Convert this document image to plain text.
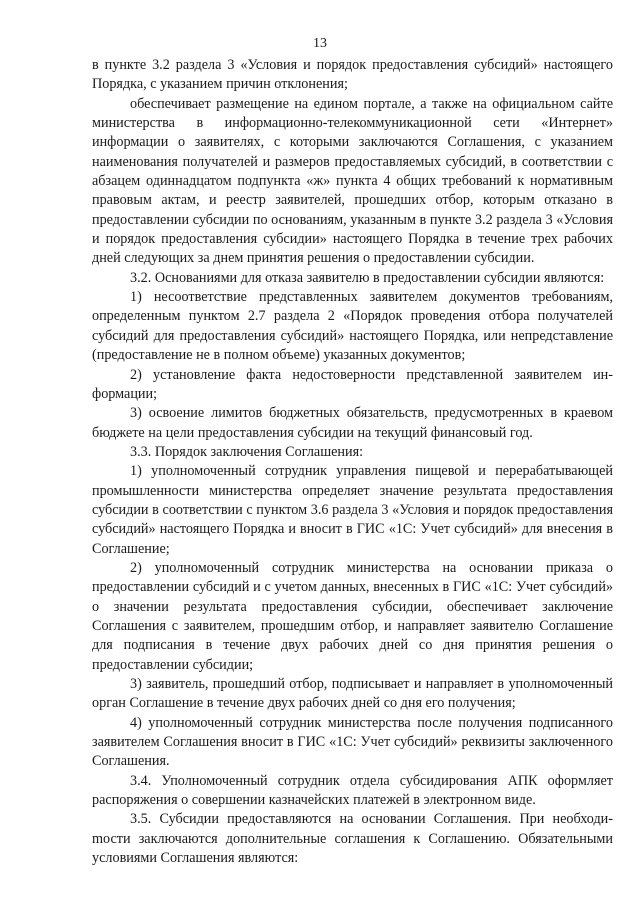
13

в пункте 3.2 раздела 3 «Условия и порядок предоставления субсидий» настоящего Порядка, с указанием причин отклонения;

обеспечивает размещение на едином портале, а также на официальном сайте министерства в информационно-телекоммуникационной сети «Интернет» информации о заявителях, с которыми заключаются Соглашения, с указанием наименования получателей и размеров предоставляемых субсидий, в соответствии с абзацем одиннадцатом подпункта «ж» пункта 4 общих требований к нормативным правовым актам, и реестр заявителей, прошедших отбор, которым отказано в предоставлении субсидии по основаниям, указанным в пункте 3.2 раздела 3 «Условия и порядок предоставления субсидии» настоящего Порядка в течение трех рабочих дней следующих за днем принятия решения о предоставлении субсидии.

3.2. Основаниями для отказа заявителю в предоставлении субсидии являются:

1) несоответствие представленных заявителем документов требованиям, определенным пунктом 2.7 раздела 2 «Порядок проведения отбора получателей субсидий для предоставления субсидий» настоящего Порядка, или непредставление (предоставление не в полном объеме) указанных документов;

2) установление факта недостоверности представленной заявителем информации;

3) освоение лимитов бюджетных обязательств, предусмотренных в краевом бюджете на цели предоставления субсидии на текущий финансовый год.

3.3. Порядок заключения Соглашения:

1) уполномоченный сотрудник управления пищевой и перерабатывающей промышленности министерства определяет значение результата предоставления субсидии в соответствии с пунктом 3.6 раздела 3 «Условия и порядок предоставления субсидий» настоящего Порядка и вносит в ГИС «1С: Учет субсидий» для внесения в Соглашение;

2) уполномоченный сотрудник министерства на основании приказа о предоставлении субсидий и с учетом данных, внесенных в ГИС «1С: Учет субсидий» о значении результата предоставления субсидии, обеспечивает заключение Соглашения с заявителем, прошедшим отбор, и направляет заявителю Соглашение для подписания в течение двух рабочих дней со дня принятия решения о предоставлении субсидии;

3) заявитель, прошедший отбор, подписывает и направляет в уполномоченный орган Соглашение в течение двух рабочих дней со дня его получения;

4) уполномоченный сотрудник министерства после получения подписанного заявителем Соглашения вносит в ГИС «1С: Учет субсидий» реквизиты заключенного Соглашения.

3.4. Уполномоченный сотрудник отдела субсидирования АПК оформляет распоряжения о совершении казначейских платежей в электронном виде.

3.5. Субсидии предоставляются на основании Соглашения. При необходиmости заключаются дополнительные соглашения к Соглашению. Обязательными условиями Соглашения являются:
